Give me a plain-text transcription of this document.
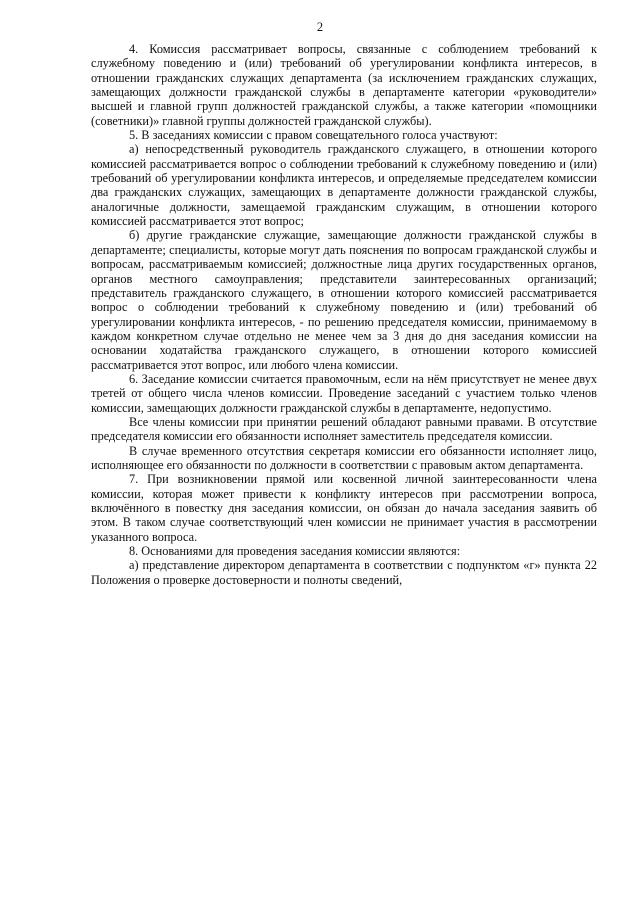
2

4. Комиссия рассматривает вопросы, связанные с соблюдением требований к служебному поведению и (или) требований об урегулировании конфликта интересов, в отношении гражданских служащих департамента (за исключением гражданских служащих, замещающих должности гражданской службы в департаменте категории «руководители» высшей и главной групп должностей гражданской службы, а также категории «помощники (советники)» главной группы должностей гражданской службы).

5. В заседаниях комиссии с правом совещательного голоса участвуют:

а) непосредственный руководитель гражданского служащего, в отношении которого комиссией рассматривается вопрос о соблюдении требований к служебному поведению и (или) требований об урегулировании конфликта интересов, и определяемые председателем комиссии два гражданских служащих, замещающих в департаменте должности гражданской службы, аналогичные должности, замещаемой гражданским служащим, в отношении которого комиссией рассматривается этот вопрос;

б) другие гражданские служащие, замещающие должности гражданской службы в департаменте; специалисты, которые могут дать пояснения по вопросам гражданской службы и вопросам, рассматриваемым комиссией; должностные лица других государственных органов, органов местного самоуправления; представители заинтересованных организаций; представитель гражданского служащего, в отношении которого комиссией рассматривается вопрос о соблюдении требований к служебному поведению и (или) требований об урегулировании конфликта интересов, - по решению председателя комиссии, принимаемому в каждом конкретном случае отдельно не менее чем за 3 дня до дня заседания комиссии на основании ходатайства гражданского служащего, в отношении которого комиссией рассматривается этот вопрос, или любого члена комиссии.

6. Заседание комиссии считается правомочным, если на нём присутствует не менее двух третей от общего числа членов комиссии. Проведение заседаний с участием только членов комиссии, замещающих должности гражданской службы в департаменте, недопустимо.

Все члены комиссии при принятии решений обладают равными правами. В отсутствие председателя комиссии его обязанности исполняет заместитель председателя комиссии.

В случае временного отсутствия секретаря комиссии его обязанности исполняет лицо, исполняющее его обязанности по должности в соответствии с правовым актом департамента.

7. При возникновении прямой или косвенной личной заинтересованности члена комиссии, которая может привести к конфликту интересов при рассмотрении вопроса, включённого в повестку дня заседания комиссии, он обязан до начала заседания заявить об этом. В таком случае соответствующий член комиссии не принимает участия в рассмотрении указанного вопроса.

8. Основаниями для проведения заседания комиссии являются:

а) представление директором департамента в соответствии с подпунктом «г» пункта 22 Положения о проверке достоверности и полноты сведений,
